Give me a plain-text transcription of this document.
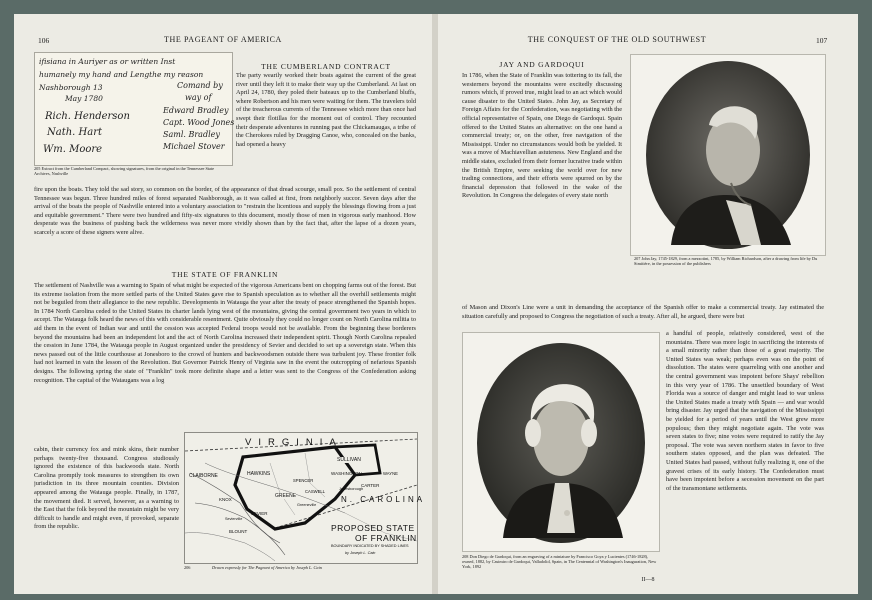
106	THE PAGEANT OF AMERICA
ifisiana in Auriyer as or written Inst
humanely my hand and Lengthe my reason
Nashborough 13
May 1780
Comand by
way of
Edward Bradley
Capt. Wood Jones
Saml. Bradley
Michael Stover
Rich. Henderson
Nath. Hart
Wm. Moore

205 Extract from the Cumberland Compact, showing signatures, from the original in the Tennessee State Archives, Nashville

THE CUMBERLAND CONTRACT

The party wearily worked their boats against the current of the great river until they left it to make their way up the Cumberland. At last on April 24, 1780, they poled their bateaux up to the Cumberland bluffs, where Robertson and his men were waiting for them. The travelers told of the treacherous currents of the Tennessee which more than once had swept their flotillas for the moment out of control. They recounted their desperate adventures in running past the Chickamaugas, a tribe of the Cherokees ruled by Dragging Canoe, who, concealed on the banks, had opened a heavy

fire upon the boats. They told the sad story, so common on the border, of the appearance of that dread scourge, small pox. So the settlement of central Tennessee was begun. Three hundred miles of forest separated Nashborough, as it was called at first, from neighborly succor. Seven days after the arrival of the boats the people of Nashville entered into a voluntary association to "restrain the licentious and supply the blessings flowing from a just and equitable government." There were two hundred and fifty-six signatures to this document, mostly those of men in vigorous early manhood. How desperate was the business of pushing back the wilderness was never more vividly shown than by the fact that, after the lapse of a dozen years, scarcely a score of these signers were alive.

THE STATE OF FRANKLIN

The settlement of Nashville was a warning to Spain of what might be expected of the vigorous Americans bent on chopping farms out of the forest. But its extreme isolation from the more settled parts of the United States gave rise to Spanish speculation as to whether all the overhill settlements might not be beguiled from their allegiance to the new republic. Developments in Watauga the year after the treaty of peace strengthened the Spanish hopes. In 1784 North Carolina ceded to the United States its charter lands lying west of the mountains, giving the central government two years in which to accept. The Watauga folk heard the news of this with considerable resentment. Quite obviously they could no longer count on North Carolina militia to aid them in the event of Indian war and until the cession was accepted Federal troops would not be available. From the beginning these borderers beyond the mountains had been an independent lot and the act of North Carolina increased their independent spirit. Though North Carolina repealed the cession in June 1784, the Watauga people in August organized under the presidency of Sevier and decided to set up a sovereign state. When this news passed out of the little courthouse at Jonesboro to the crowd of hunters and backwoodsmen outside there was turbulent joy. These frontier folk had not learned in vain the lesson of the Revolution. But Governor Patrick Henry of Virginia saw in the event the outcropping of nefarious Spanish designs. The following spring the state of "Franklin" took more definite shape and a letter was sent to the Congress of the Confederation asking recognition. The capital of the Wataugans was a log

cabin, their currency fox and mink skins, their number perhaps twenty-five thousand. Congress studiously ignored the existence of this backwoods state. North Carolina promptly took measures to strengthen its own jurisdiction in its three mountain counties. Division appeared among the Watauga people. Finally, in 1787, the movement died. It served, however, as a warning to the East that the folk beyond the mountain might be very difficult to handle and might even, if provoked, separate from the republic.

VIRGINIA
CLAIBORNE	HAWKINS
SULLIVAN
WASHINGTON
CARTER
GREENE
SPENCER
CASWELL
SEVIER
BLOUNT
KNOX
WAYNE
Jonesborough
Greeneville
Sevierville
N. CAROLINA
PROPOSED STATE
OF FRANKLIN
BOUNDARY INDICATED BY SHADED LINES
by Joseph L. Cain
206	Drawn expressly for The Pageant of America by Joseph L. Cain
THE CONQUEST OF THE OLD SOUTHWEST	107
JAY AND GARDOQUI

In 1786, when the State of Franklin was tottering to its fall, the westerners beyond the mountains were excitedly discussing rumors which, if proved true, might lead to an act which would cause disaster to the United States. John Jay, as Secretary of Foreign Affairs for the Confederation, was negotiating with the official representative of Spain, one Diego de Gardoqui. Spain offered to the United States an alternative: on the one hand a commercial treaty; or, on the other, free navigation of the Mississippi. Under no circumstances would both be yielded. It was a move of Machiavellian astuteness. New England and the middle states, excluded from their former lucrative trade within the British Empire, were seeking the world over for new trading connections, and their efforts were spurred on by the financial depression that followed in the wake of the Revolution. In Congress the delegates of every state north

207 John Jay, 1745-1829, from a mezzotint, 1785, by William Richardson, after a drawing from life by Du Simitière, in the possession of the publishers

of Mason and Dixon's Line were a unit in demanding the acceptance of the Spanish offer to make a commercial treaty. Jay estimated the situation carefully and proposed to Congress the negotiation of such a treaty. After all, he argued, there were but

208 Don Diego de Gardoqui, from an engraving of a miniature by Francisco Goya y Lucientes (1746-1828), owned, 1882, by Casimiro de Gardoqui, Valladolid, Spain, in The Centennial of Washington's Inauguration, New York, 1892

a handful of people, relatively considered, west of the mountains. There was more logic in sacrificing the interests of a small minority rather than those of a great majority. The United States was weak; perhaps even was on the point of dissolution. The states were quarreling with one another and the central government was impotent before Shays' rebellion in this very year of 1786. The unsettled boundary of West Florida was a source of danger and might lead to war unless the United States made a treaty with Spain — and war would bring disaster. Jay urged that the navigation of the Mississippi be yielded for a period of years until the West grew more populous; then they might negotiate again. The vote was seven states to five; nine votes were required to ratify the Jay proposal. The vote was seven northern states in favor to five southern states opposed, and the plan was defeated. The United States had passed, without fully realizing it, one of the gravest crises of its early history. The Confederation must have been impotent before a secession movement on the part of the transmontane settlements.

II—8
